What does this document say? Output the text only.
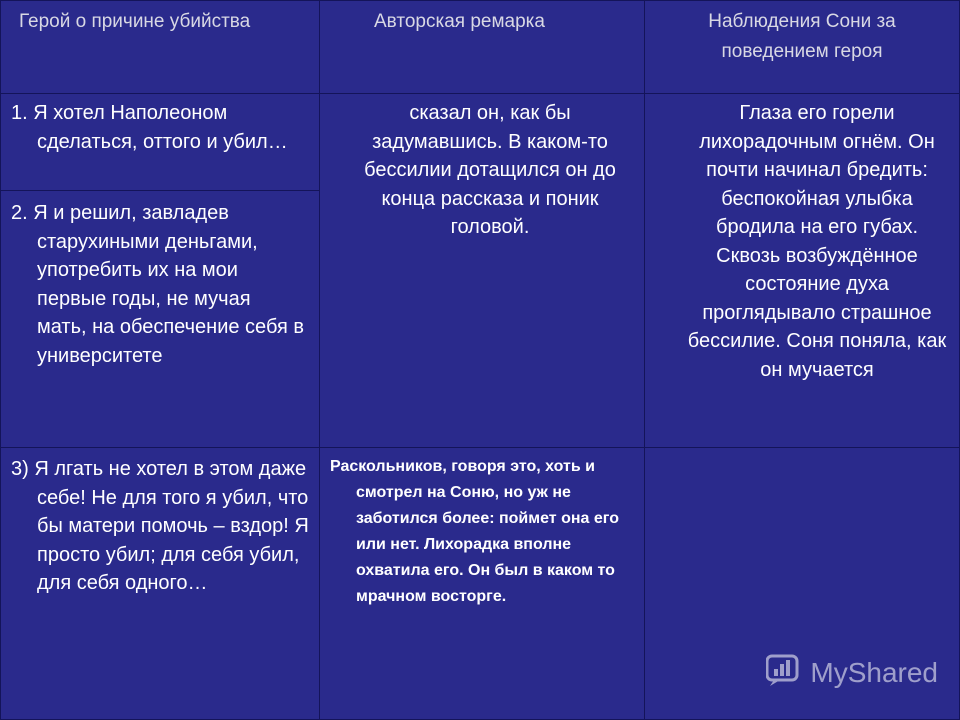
Герой о причине убийства	Авторская ремарка	Наблюдения Сони за поведением героя
1. Я хотел Наполеоном сделаться, оттого и убил…
2. Я и решил, завладев старухиными деньгами, употребить их на мои первые годы, не мучая мать, на обеспечение себя в университете
сказал он, как бы задумавшись. В каком-то бессилии дотащился он до конца рассказа и поник головой.
Глаза его горели лихорадочным огнём. Он почти начинал бредить: беспокойная улыбка бродила на его губах. Сквозь возбуждённое состояние духа проглядывало страшное бессилие. Соня поняла, как он мучается
3) Я лгать не хотел в этом даже себе! Не для того я убил, что бы матери помочь – вздор! Я просто убил; для себя убил, для себя одного…
Раскольников, говоря это, хоть и смотрел на Соню, но уж не заботился более: поймет она его или нет. Лихорадка вполне охватила его. Он был в каком то мрачном восторге.
MyShared
